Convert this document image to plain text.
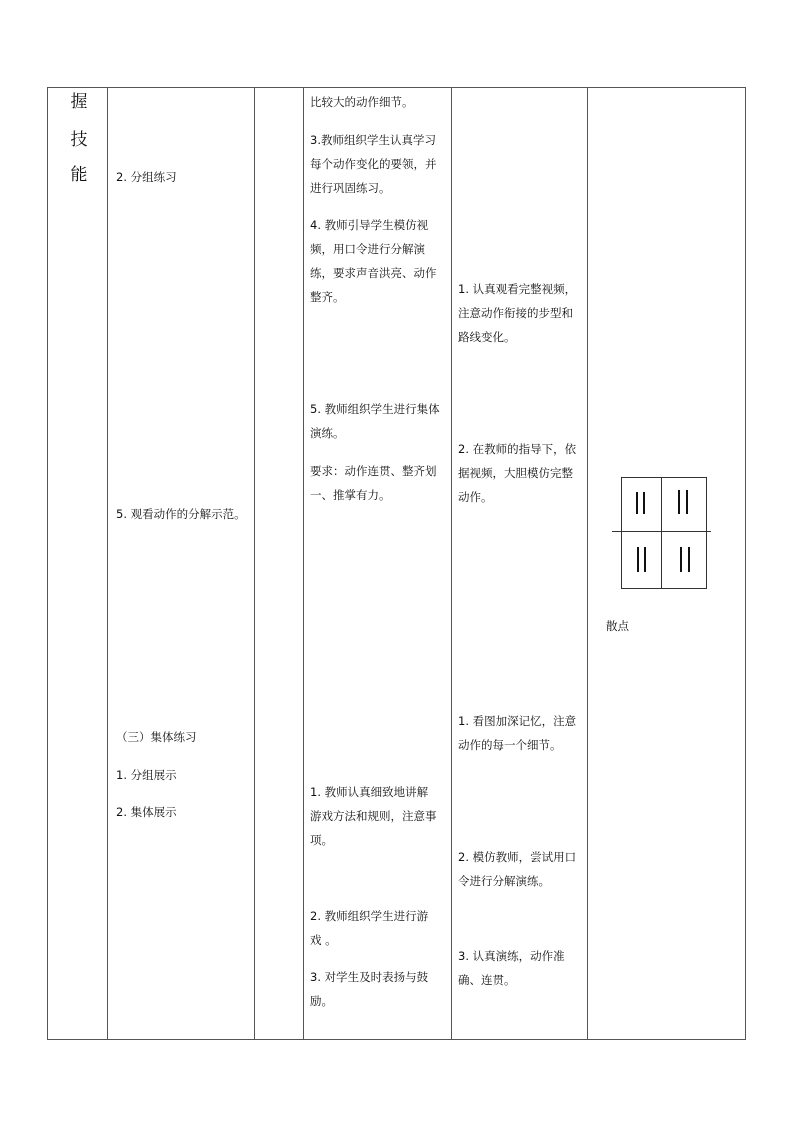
握
技
能 2. 分组练习
5. 观看动作的分解示范。
（三）集体练习
1. 分组展示
2. 集体展示
比较大的动作细节。
3.教师组织学生认真学习
每个动作变化的要领，并
进行巩固练习。
4. 教师引导学生模仿视
频，用口令进行分解演
练，要求声音洪亮、动作
整齐。
5. 教师组织学生进行集体
演练。
要求：动作连贯、整齐划
一、推掌有力。
1. 教师认真细致地讲解
游戏方法和规则，注意事
项。
2. 教师组织学生进行游
戏 。
3. 对学生及时表扬与鼓
励。
1. 认真观看完整视频，
注意动作衔接的步型和
路线变化。
2. 在教师的指导下，依
据视频，大胆模仿完整
动作。
1. 看图加深记忆，注意
动作的每一个细节。
2. 模仿教师，尝试用口
令进行分解演练。
3. 认真演练，动作准
确、连贯。
散点
